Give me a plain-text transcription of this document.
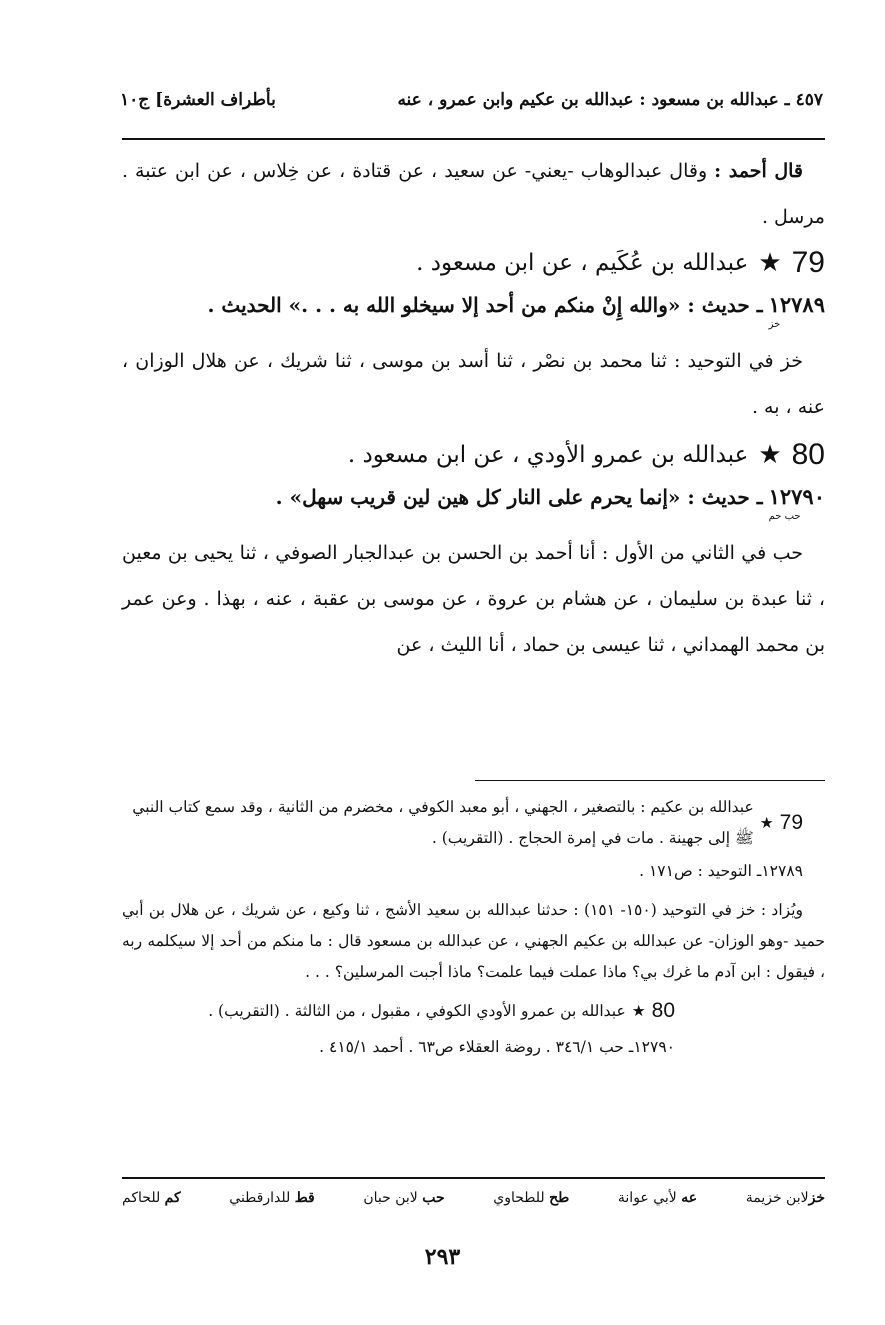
٤٥٧ ـ عبدالله بن مسعود : عبدالله بن عكيم وابن عمرو ، عنه
بأطراف العشرة] ج١٠

قال أحمد : وقال عبدالوهاب -يعني- عن سعيد ، عن قتادة ، عن خِلاس ، عن ابن عتبة . مرسل .

79
★
عبدالله بن عُكَيم ، عن ابن مسعود .
١٢٧٨٩
خز
ـ حديث : «والله إِنْ منكم من أحد إلا سيخلو الله به . . .» الحديث .

خز في التوحيد : ثنا محمد بن نصْر ، ثنا أسد بن موسى ، ثنا شريك ، عن هلال الوزان ، عنه ، به .

80
★
عبدالله بن عمرو الأودي ، عن ابن مسعود .
١٢٧٩٠
حب حم
ـ حديث : «إنما يحرم على النار كل هين لين قريب سهل» .

حب في الثاني من الأول : أنا أحمد بن الحسن بن عبدالجبار الصوفي ، ثنا يحيى بن معين ، ثنا عبدة بن سليمان ، عن هشام بن عروة ، عن موسى بن عقبة ، عنه ، بهذا . وعن عمر بن محمد الهمداني ، ثنا عيسى بن حماد ، أنا الليث ، عن

79
★
عبدالله بن عكيم : بالتصغير ، الجهني ، أبو معبد الكوفي ، مخضرم من الثانية ، وقد سمع كتاب النبي ﷺ إلى جهينة . مات في إمرة الحجاج . (التقريب) .

١٢٧٨٩ـ التوحيد : ص١٧١ .

ويُزاد : خز في التوحيد (١٥٠- ١٥١) : حدثنا عبدالله بن سعيد الأشج ، ثنا وكيع ، عن شريك ، عن هلال بن أبي حميد -وهو الوزان- عن عبدالله بن عكيم الجهني ، عن عبدالله بن مسعود قال : ما منكم من أحد إلا سيكلمه ربه ، فيقول : ابن آدم ما غرك بي؟ ماذا عملت فيما علمت؟ ماذا أجبت المرسلين؟ . . .

80
★
عبدالله بن عمرو الأودي الكوفي ، مقبول ، من الثالثة . (التقريب) .

١٢٧٩٠ـ حب ٣٤٦/١ . روضة العقلاء ص٦٣ . أحمد ٤١٥/١ .

خزلابن خزيمة
عه لأبي عوانة
طح للطحاوي
حب لابن حبان
قط للدارقطني
كم للحاكم
٢٩٣
